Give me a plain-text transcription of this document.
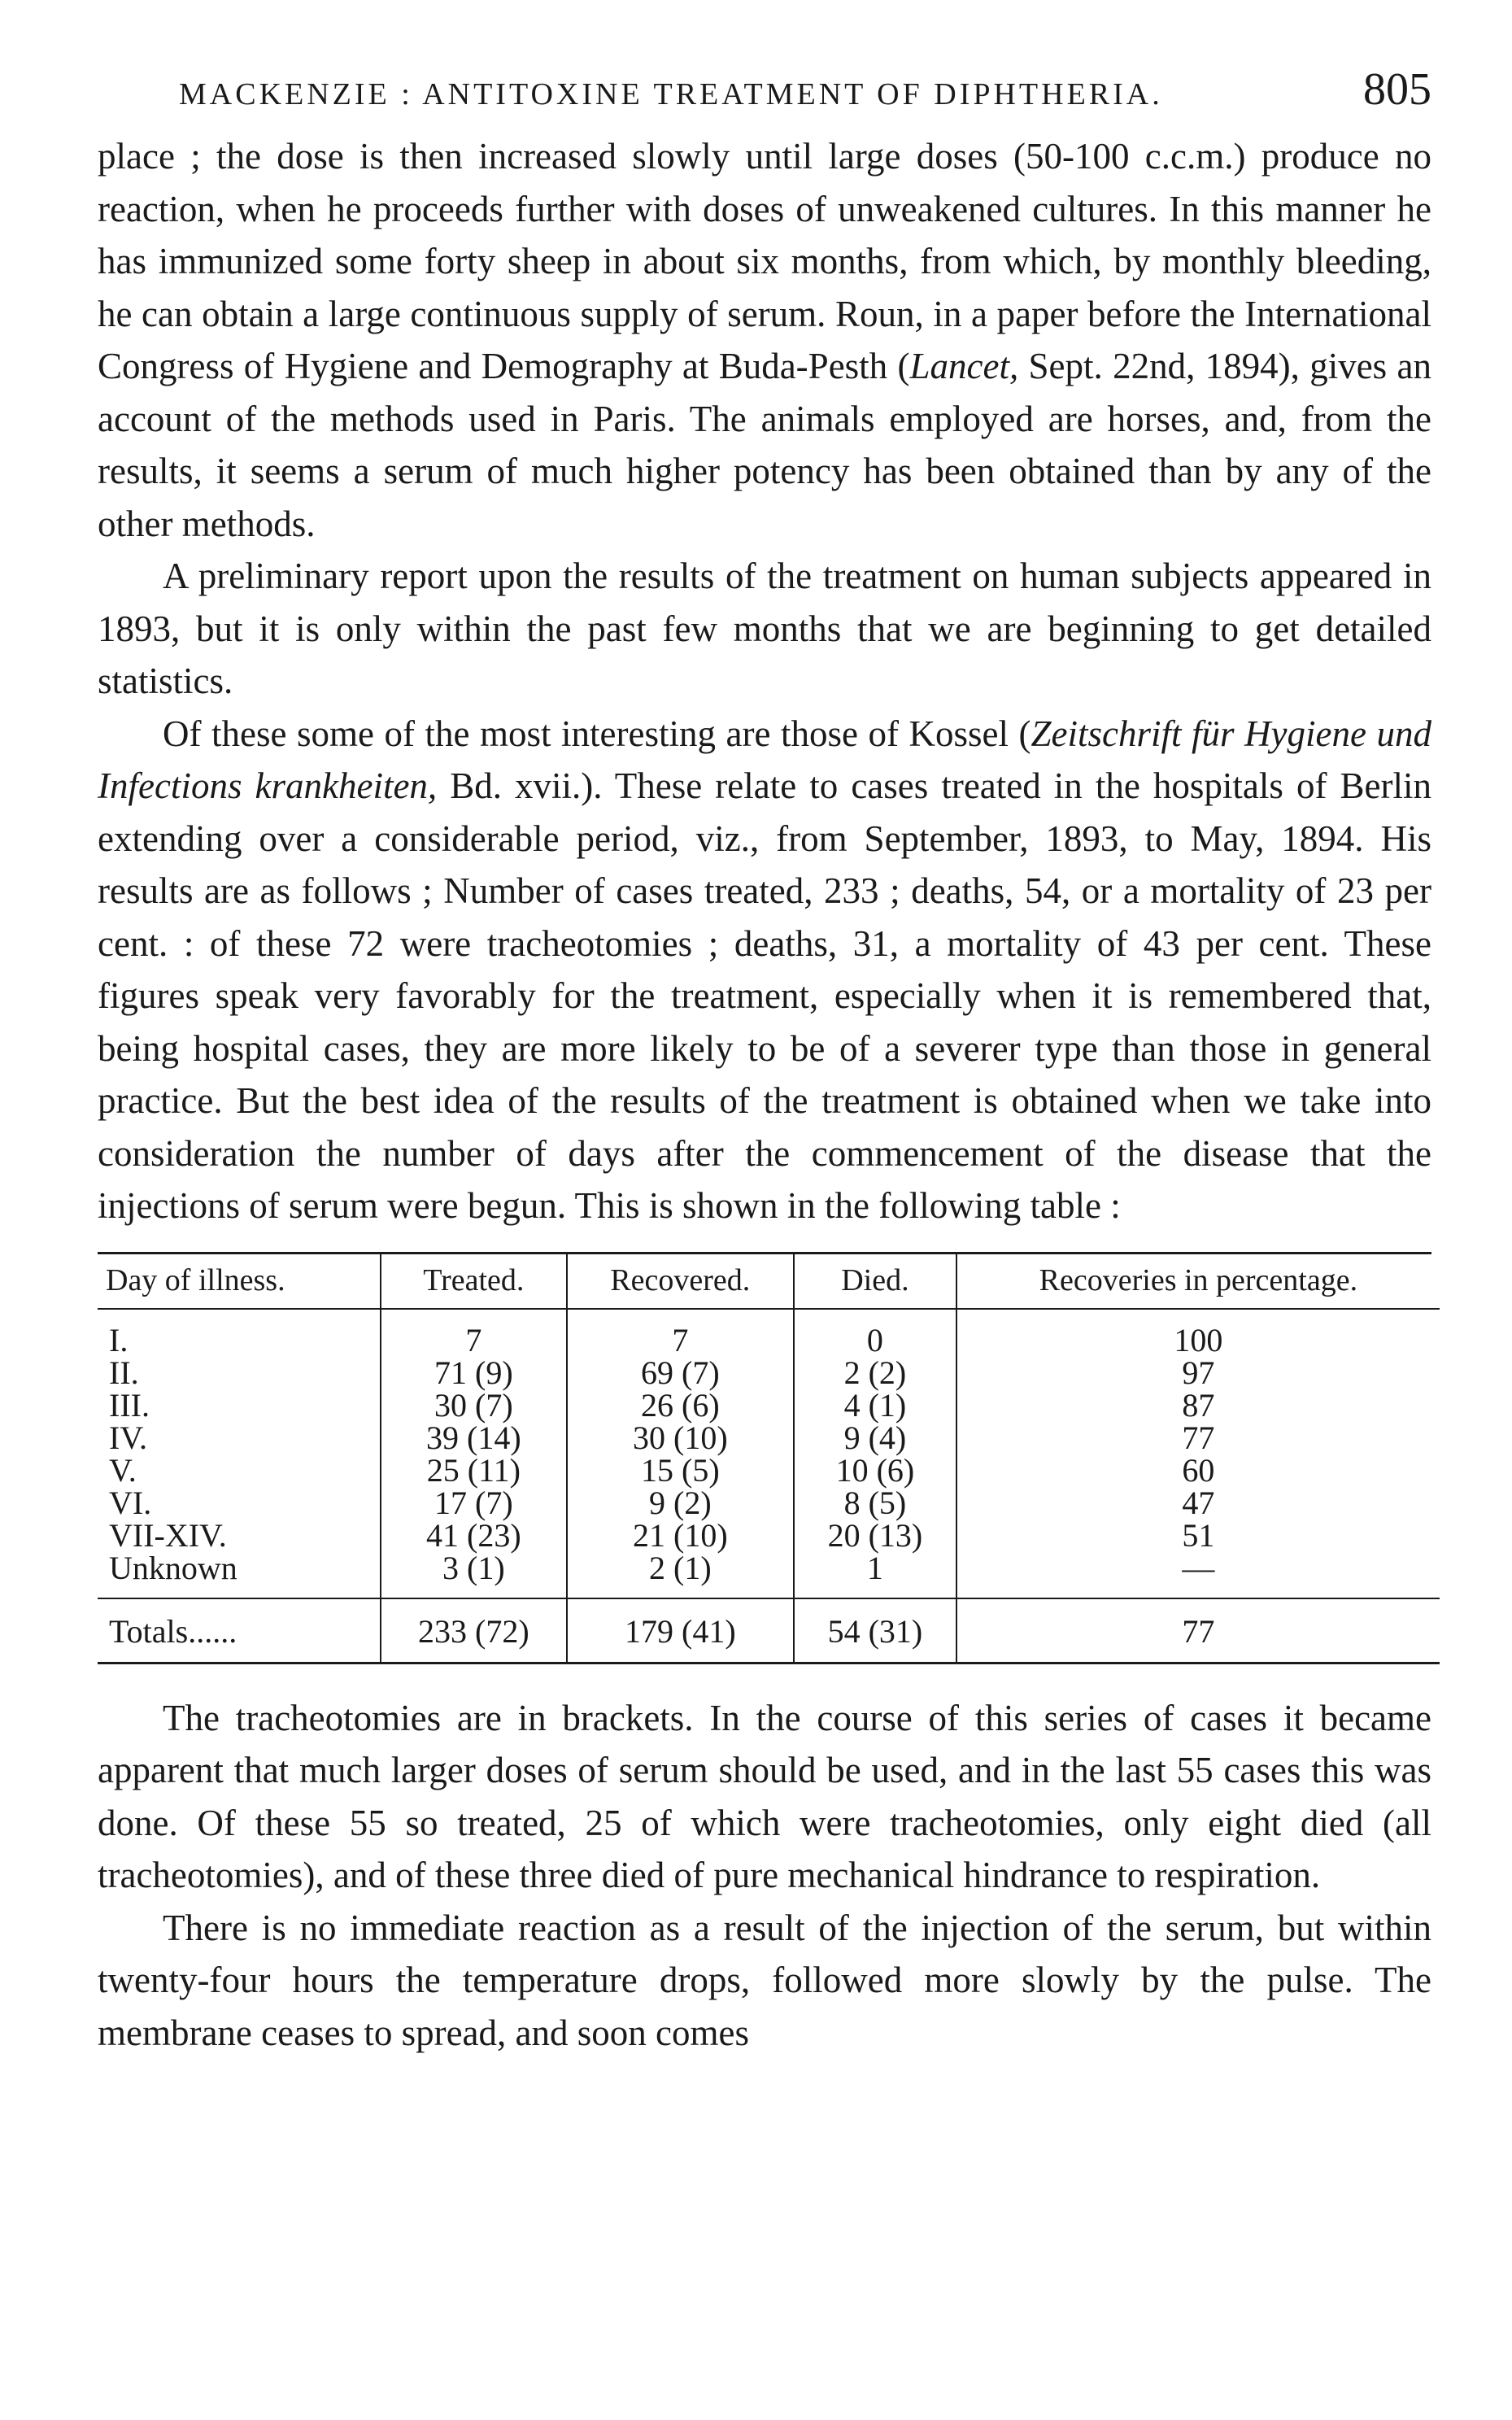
MACKENZIE : ANTITOXINE TREATMENT OF DIPHTHERIA.	805

place ; the dose is then increased slowly until large doses (50-100 c.c.m.) produce no reaction, when he proceeds further with doses of unweakened cultures. In this manner he has immunized some forty sheep in about six months, from which, by monthly bleeding, he can obtain a large continuous supply of serum. Roun, in a paper before the International Congress of Hygiene and Demography at Buda-Pesth (Lancet, Sept. 22nd, 1894), gives an account of the methods used in Paris. The animals employed are horses, and, from the results, it seems a serum of much higher potency has been obtained than by any of the other methods.

A preliminary report upon the results of the treatment on human subjects appeared in 1893, but it is only within the past few months that we are beginning to get detailed statistics.

Of these some of the most interesting are those of Kossel (Zeitschrift für Hygiene und Infections krankheiten, Bd. xvii.). These relate to cases treated in the hospitals of Berlin extending over a considerable period, viz., from September, 1893, to May, 1894. His results are as follows ; Number of cases treated, 233 ; deaths, 54, or a mortality of 23 per cent. : of these 72 were tracheotomies ; deaths, 31, a mortality of 43 per cent. These figures speak very favorably for the treatment, especially when it is remembered that, being hospital cases, they are more likely to be of a severer type than those in general practice. But the best idea of the results of the treatment is obtained when we take into consideration the number of days after the commencement of the disease that the injections of serum were begun. This is shown in the following table :

Day of illness.	Treated.	Recovered.	Died.	Recoveries in percentage.
I.	7	7	0	100
II.	71 (9)	69 (7)	2 (2)	97
III.	30 (7)	26 (6)	4 (1)	87
IV.	39 (14)	30 (10)	9 (4)	77
V.	25 (11)	15 (5)	10 (6)	60
VI.	17 (7)	9 (2)	8 (5)	47
VII-XIV.	41 (23)	21 (10)	20 (13)	51
Unknown	3 (1)	2 (1)	1	—
Totals......	233 (72)	179 (41)	54 (31)	77

The tracheotomies are in brackets. In the course of this series of cases it became apparent that much larger doses of serum should be used, and in the last 55 cases this was done. Of these 55 so treated, 25 of which were tracheotomies, only eight died (all tracheotomies), and of these three died of pure mechanical hindrance to respiration.

There is no immediate reaction as a result of the injection of the serum, but within twenty-four hours the temperature drops, followed more slowly by the pulse. The membrane ceases to spread, and soon comes
